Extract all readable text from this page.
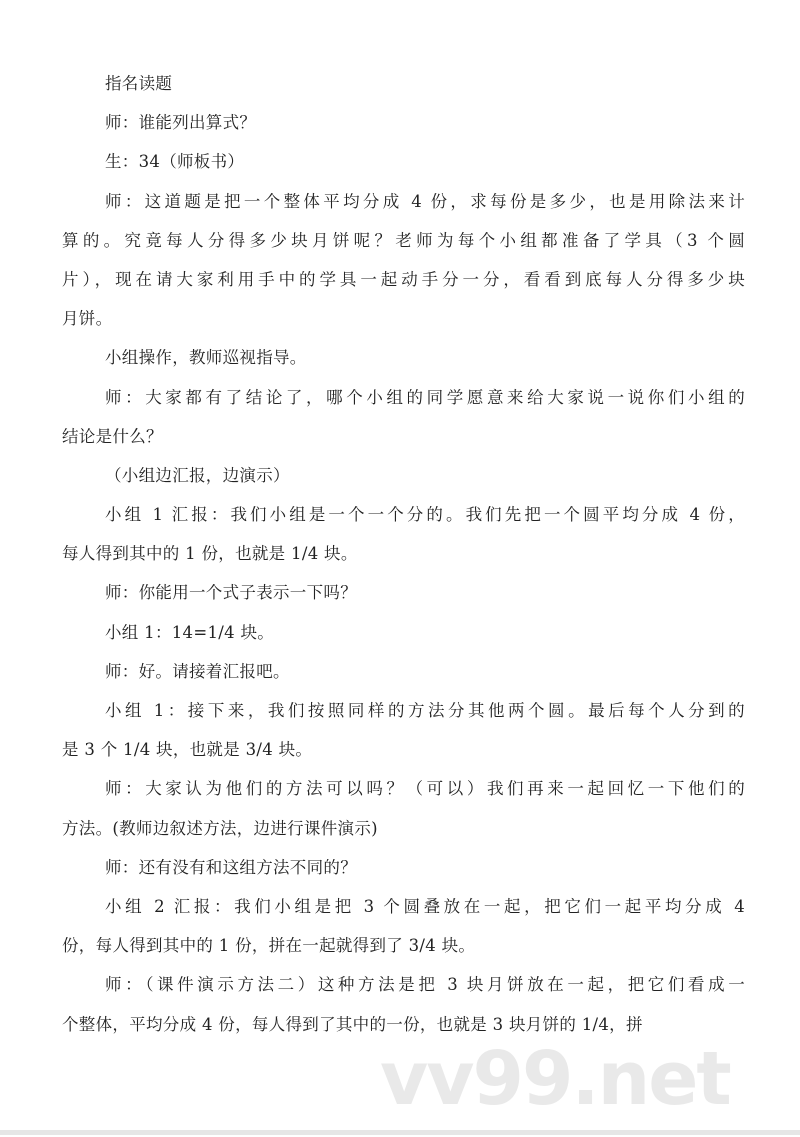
指名读题
师：谁能列出算式？
生：34（师板书）
师：这道题是把一个整体平均分成 4 份，求每份是多少，也是用除法来计
算的。究竟每人分得多少块月饼呢？老师为每个小组都准备了学具（3 个圆
片），现在请大家利用手中的学具一起动手分一分，看看到底每人分得多少块
月饼。
小组操作，教师巡视指导。
师：大家都有了结论了，哪个小组的同学愿意来给大家说一说你们小组的
结论是什么？
（小组边汇报，边演示）
小组 1 汇报：我们小组是一个一个分的。我们先把一个圆平均分成 4 份，
每人得到其中的 1 份，也就是 1/4 块。
师：你能用一个式子表示一下吗？
小组 1：14=1/4 块。
师：好。请接着汇报吧。
小组 1：接下来，我们按照同样的方法分其他两个圆。最后每个人分到的
是 3 个 1/4 块，也就是 3/4 块。
师：大家认为他们的方法可以吗？（可以）我们再来一起回忆一下他们的
方法。(教师边叙述方法，边进行课件演示)
师：还有没有和这组方法不同的？
小组 2 汇报：我们小组是把 3 个圆叠放在一起，把它们一起平均分成 4
份，每人得到其中的 1 份，拼在一起就得到了 3/4 块。
师：（课件演示方法二）这种方法是把 3 块月饼放在一起，把它们看成一
个整体，平均分成 4 份，每人得到了其中的一份，也就是 3 块月饼的 1/4，拼
vv99.net
